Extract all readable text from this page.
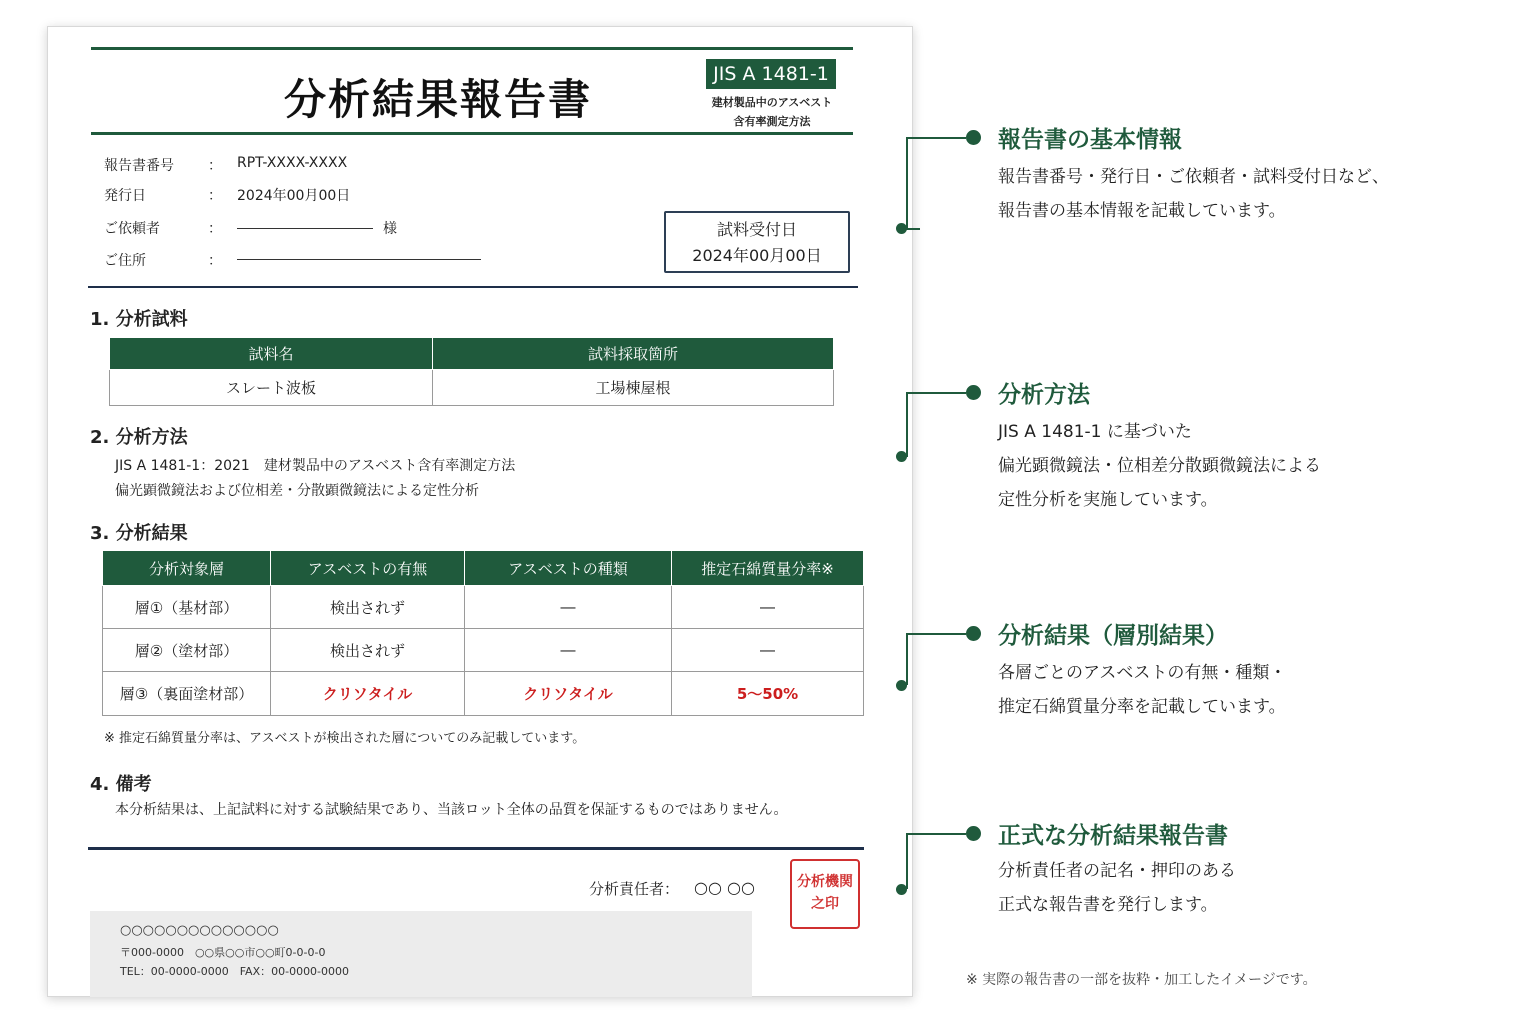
分析結果報告書
JIS A 1481-1
建材製品中のアスベスト
含有率測定方法
報告書番号 ： RPT-XXXX-XXXX
発行日	： 2024年00月00日
ご依頼者	：	様
ご住所	：
試料受付日
2024年00月00日
1. 分析試料
試料名	試料採取箇所
スレート波板	工場棟屋根
2. 分析方法
JIS A 1481-1：2021　建材製品中のアスベスト含有率測定方法
偏光顕微鏡法および位相差・分散顕微鏡法による定性分析
3. 分析結果
分析対象層	アスベストの有無	アスベストの種類	推定石綿質量分率※
層①（基材部）	検出されず	―	―
層②（塗材部）	検出されず	―	―
層③（裏面塗材部）	クリソタイル	クリソタイル	5～50%
※ 推定石綿質量分率は、アスベストが検出された層についてのみ記載しています。
4. 備考
本分析結果は、上記試料に対する試験結果であり、当該ロット全体の品質を保証するものではありません。
分析責任者： ○○ ○○	分析機関
之印
○○○○○○○○○○○○○○
〒000-0000　○○県○○市○○町0-0-0-0
TEL：00-0000-0000　FAX：00-0000-0000
報告書の基本情報
報告書番号・発行日・ご依頼者・試料受付日など、
報告書の基本情報を記載しています。
分析方法
JIS A 1481-1 に基づいた
偏光顕微鏡法・位相差分散顕微鏡法による
定性分析を実施しています。
分析結果（層別結果）
各層ごとのアスベストの有無・種類・
推定石綿質量分率を記載しています。
正式な分析結果報告書
分析責任者の記名・押印のある
正式な報告書を発行します。
※ 実際の報告書の一部を抜粋・加工したイメージです。
